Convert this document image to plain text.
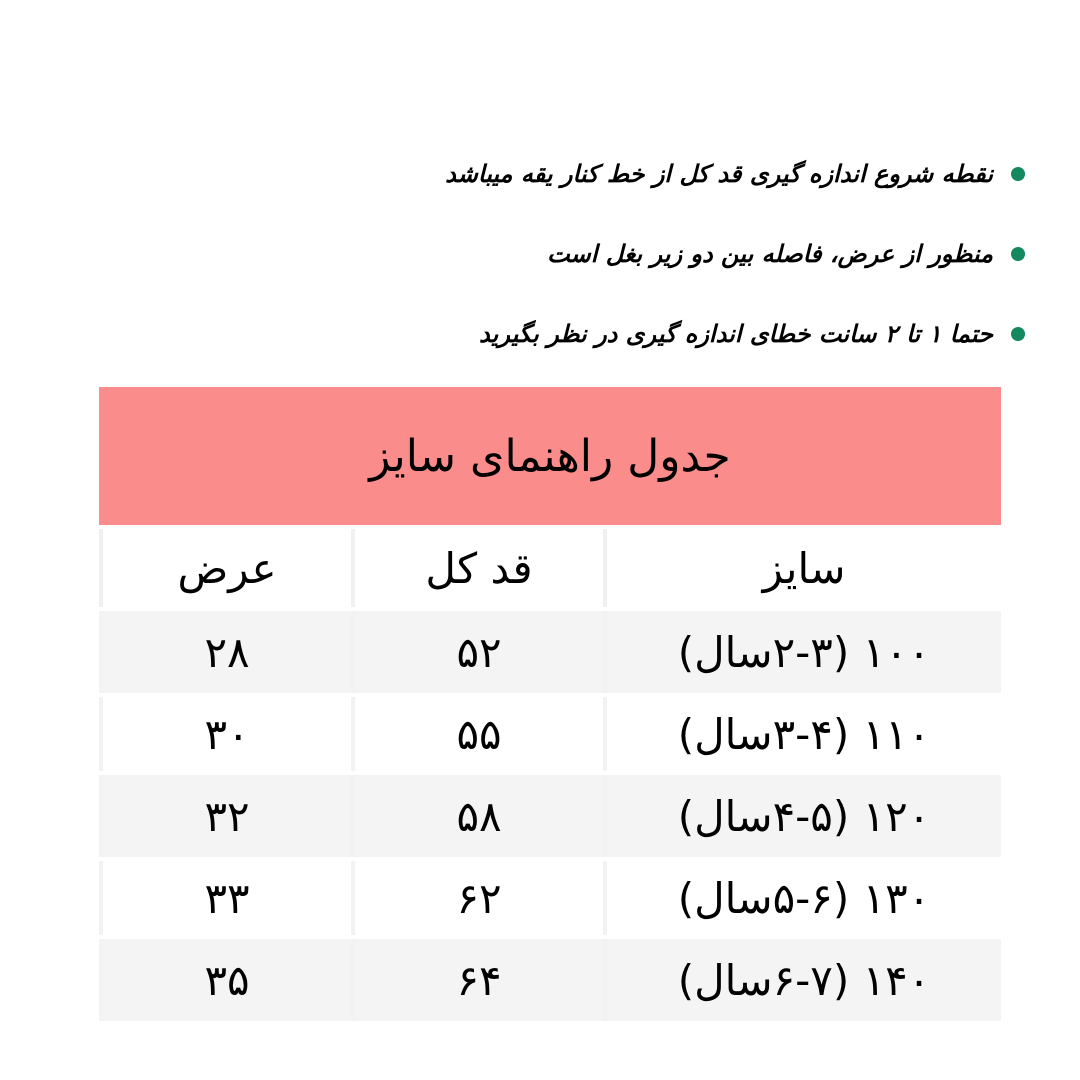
نقطه شروع اندازه گیری قد کل از خط کنار یقه میباشد
منظور از عرض، فاصله بین دو زیر بغل است
حتما ۱ تا ۲ سانت خطای اندازه گیری در نظر بگیرید
جدول راهنمای سایز
سایز
قد کل
عرض
۱۰۰ (۲-۳سال)
۵۲
۲۸
۱۱۰ (۳-۴سال)
۵۵
۳۰
۱۲۰ (۴-۵سال)
۵۸
۳۲
۱۳۰ (۵-۶سال)
۶۲
۳۳
۱۴۰ (۶-۷سال)
۶۴
۳۵
